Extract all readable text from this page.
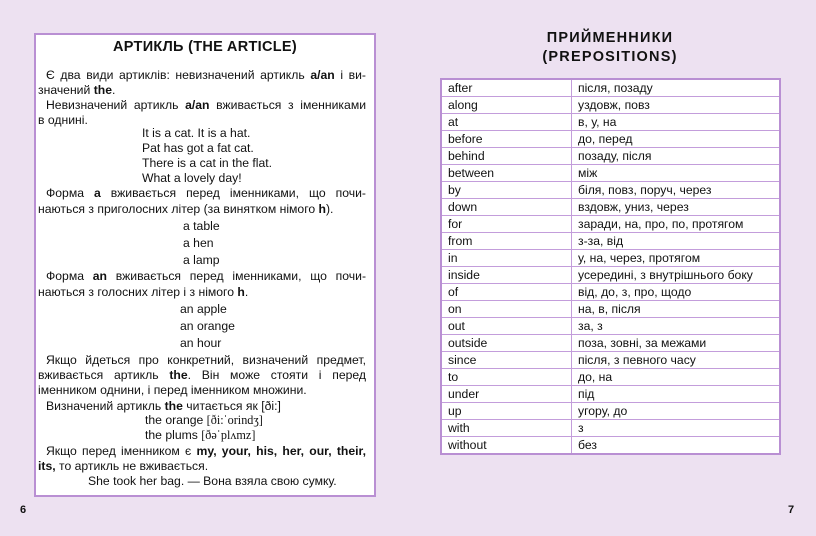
АРТИКЛЬ (THE ARTICLE)
Є два види артиклів: невизначений артикль a/an і ви-
значений the.
Невизначений артикль a/an вживається з іменниками
в однині.
It is a cat. It is a hat.
Pat has got a fat cat.
There is a cat in the flat.
What a lovely day!
Форма a вживається перед іменниками, що почи-
наються з приголосних літер (за винятком німого h).
a table
a hen
a lamp
Форма an вживається перед іменниками, що почи-
наються з голосних літер і з німого h.
an apple
an orange
an hour
Якщо йдеться про конкретний, визначений предмет,
вживається артикль the. Він може стояти і перед
іменником однини, і перед іменником множини.
Визначений артикль the читається як [ði:]
the orange [ði:ˈorindʒ]
the plums [ðəˈplʌmz]
Якщо перед іменником є my, your, his, her, our, their,
its, то артикль не вживається.
She took her bag. — Вона взяла свою сумку.
ПРИЙМЕННИКИ
(PREPOSITIONS)
after	після, позаду
along	уздовж, повз
at	в, у, на
before	до, перед
behind	позаду, після
between	між
by	біля, повз, поруч, через
down	вздовж, униз, через
for	заради, на, про, по, протягом
from	з-за, від
in	у, на, через, протягом
inside	усередині, з внутрішнього боку
of	від, до, з, про, щодо
on	на, в, після
out	за, з
outside	поза, зовні, за межами
since	після, з певного часу
to	до, на
under	під
up	угору, до
with	з
without	без
6	7
